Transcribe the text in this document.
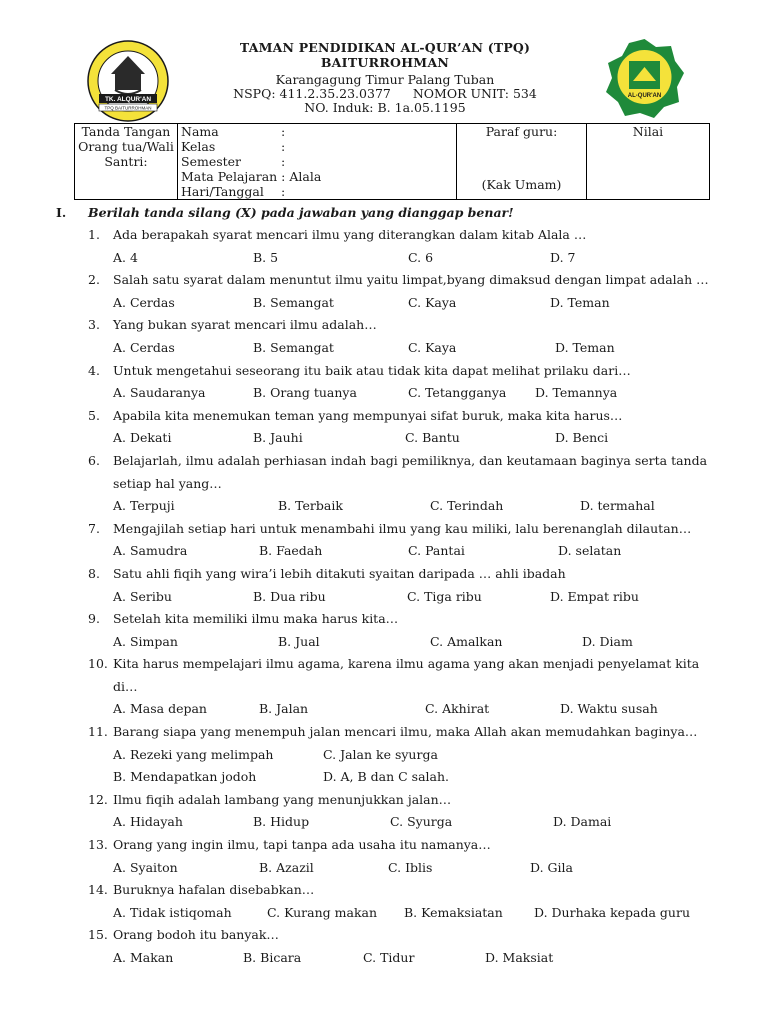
TK. ALQUR'AN
TPQ BAITURROHMAN
TAMAN PENDIDIKAN AL-QUR’AN (TPQ)
BAITURROHMAN
Karangagung Timur Palang Tuban
NSPQ: 411.2.35.23.0377 NOMOR UNIT: 534
NO. Induk: B. 1a.05.1195
AL-QUR'AN
Tanda Tangan
Orang tua/Wali
Santri:

Nama	:
Kelas	:
Semester	:
Mata Pelajaran : Alala
Hari/Tanggal	:

Paraf guru:
(Kak Umam)

Nilai
I. Berilah tanda silang (X) pada jawaban yang dianggap benar!
1. Ada berapakah syarat mencari ilmu yang diterangkan dalam kitab Alala …
A. 4	B. 5	C. 6	D. 7
2. Salah satu syarat dalam menuntut ilmu yaitu limpat,byang dimaksud dengan limpat adalah …
A. Cerdas	B. Semangat	C. Kaya	D. Teman
3. Yang bukan syarat mencari ilmu adalah…
A. Cerdas	B. Semangat	C. Kaya	D. Teman
4. Untuk mengetahui seseorang itu baik atau tidak kita dapat melihat prilaku dari…
A. Saudaranya	B. Orang tuanya	C. Tetangganya D. Temannya
5. Apabila kita menemukan teman yang mempunyai sifat buruk, maka kita harus…
A. Dekati	B. Jauhi	C. Bantu	D. Benci
6. Belajarlah, ilmu adalah perhiasan indah bagi pemiliknya, dan keutamaan baginya serta tanda
setiap hal yang…
A. Terpuji	B. Terbaik	C. Terindah	D. termahal
7. Mengajilah setiap hari untuk menambahi ilmu yang kau miliki, lalu berenanglah dilautan…
A. Samudra	B. Faedah	C. Pantai	D. selatan
8. Satu ahli fiqih yang wira’i lebih ditakuti syaitan daripada … ahli ibadah
A. Seribu	B. Dua ribu	C. Tiga ribu	D. Empat ribu
9. Setelah kita memiliki ilmu maka harus kita…
A. Simpan	B. Jual	C. Amalkan	D. Diam
10. Kita harus mempelajari ilmu agama, karena ilmu agama yang akan menjadi penyelamat kita
di…
A. Masa depan	B. Jalan	C. Akhirat	D. Waktu susah
11. Barang siapa yang menempuh jalan mencari ilmu, maka Allah akan memudahkan baginya…
A. Rezeki yang melimpah	C. Jalan ke syurga
B. Mendapatkan jodoh	D. A, B dan C salah.
12. Ilmu fiqih adalah lambang yang menunjukkan jalan…
A. Hidayah	B. Hidup	C. Syurga	D. Damai
13. Orang yang ingin ilmu, tapi tanpa ada usaha itu namanya…
A. Syaiton	B. Azazil	C. Iblis	D. Gila
14. Buruknya hafalan disebabkan…
A. Tidak istiqomah	C. Kurang makan B. Kemaksiatan D. Durhaka kepada guru
15. Orang bodoh itu banyak…
A. Makan	B. Bicara	C. Tidur	D. Maksiat
